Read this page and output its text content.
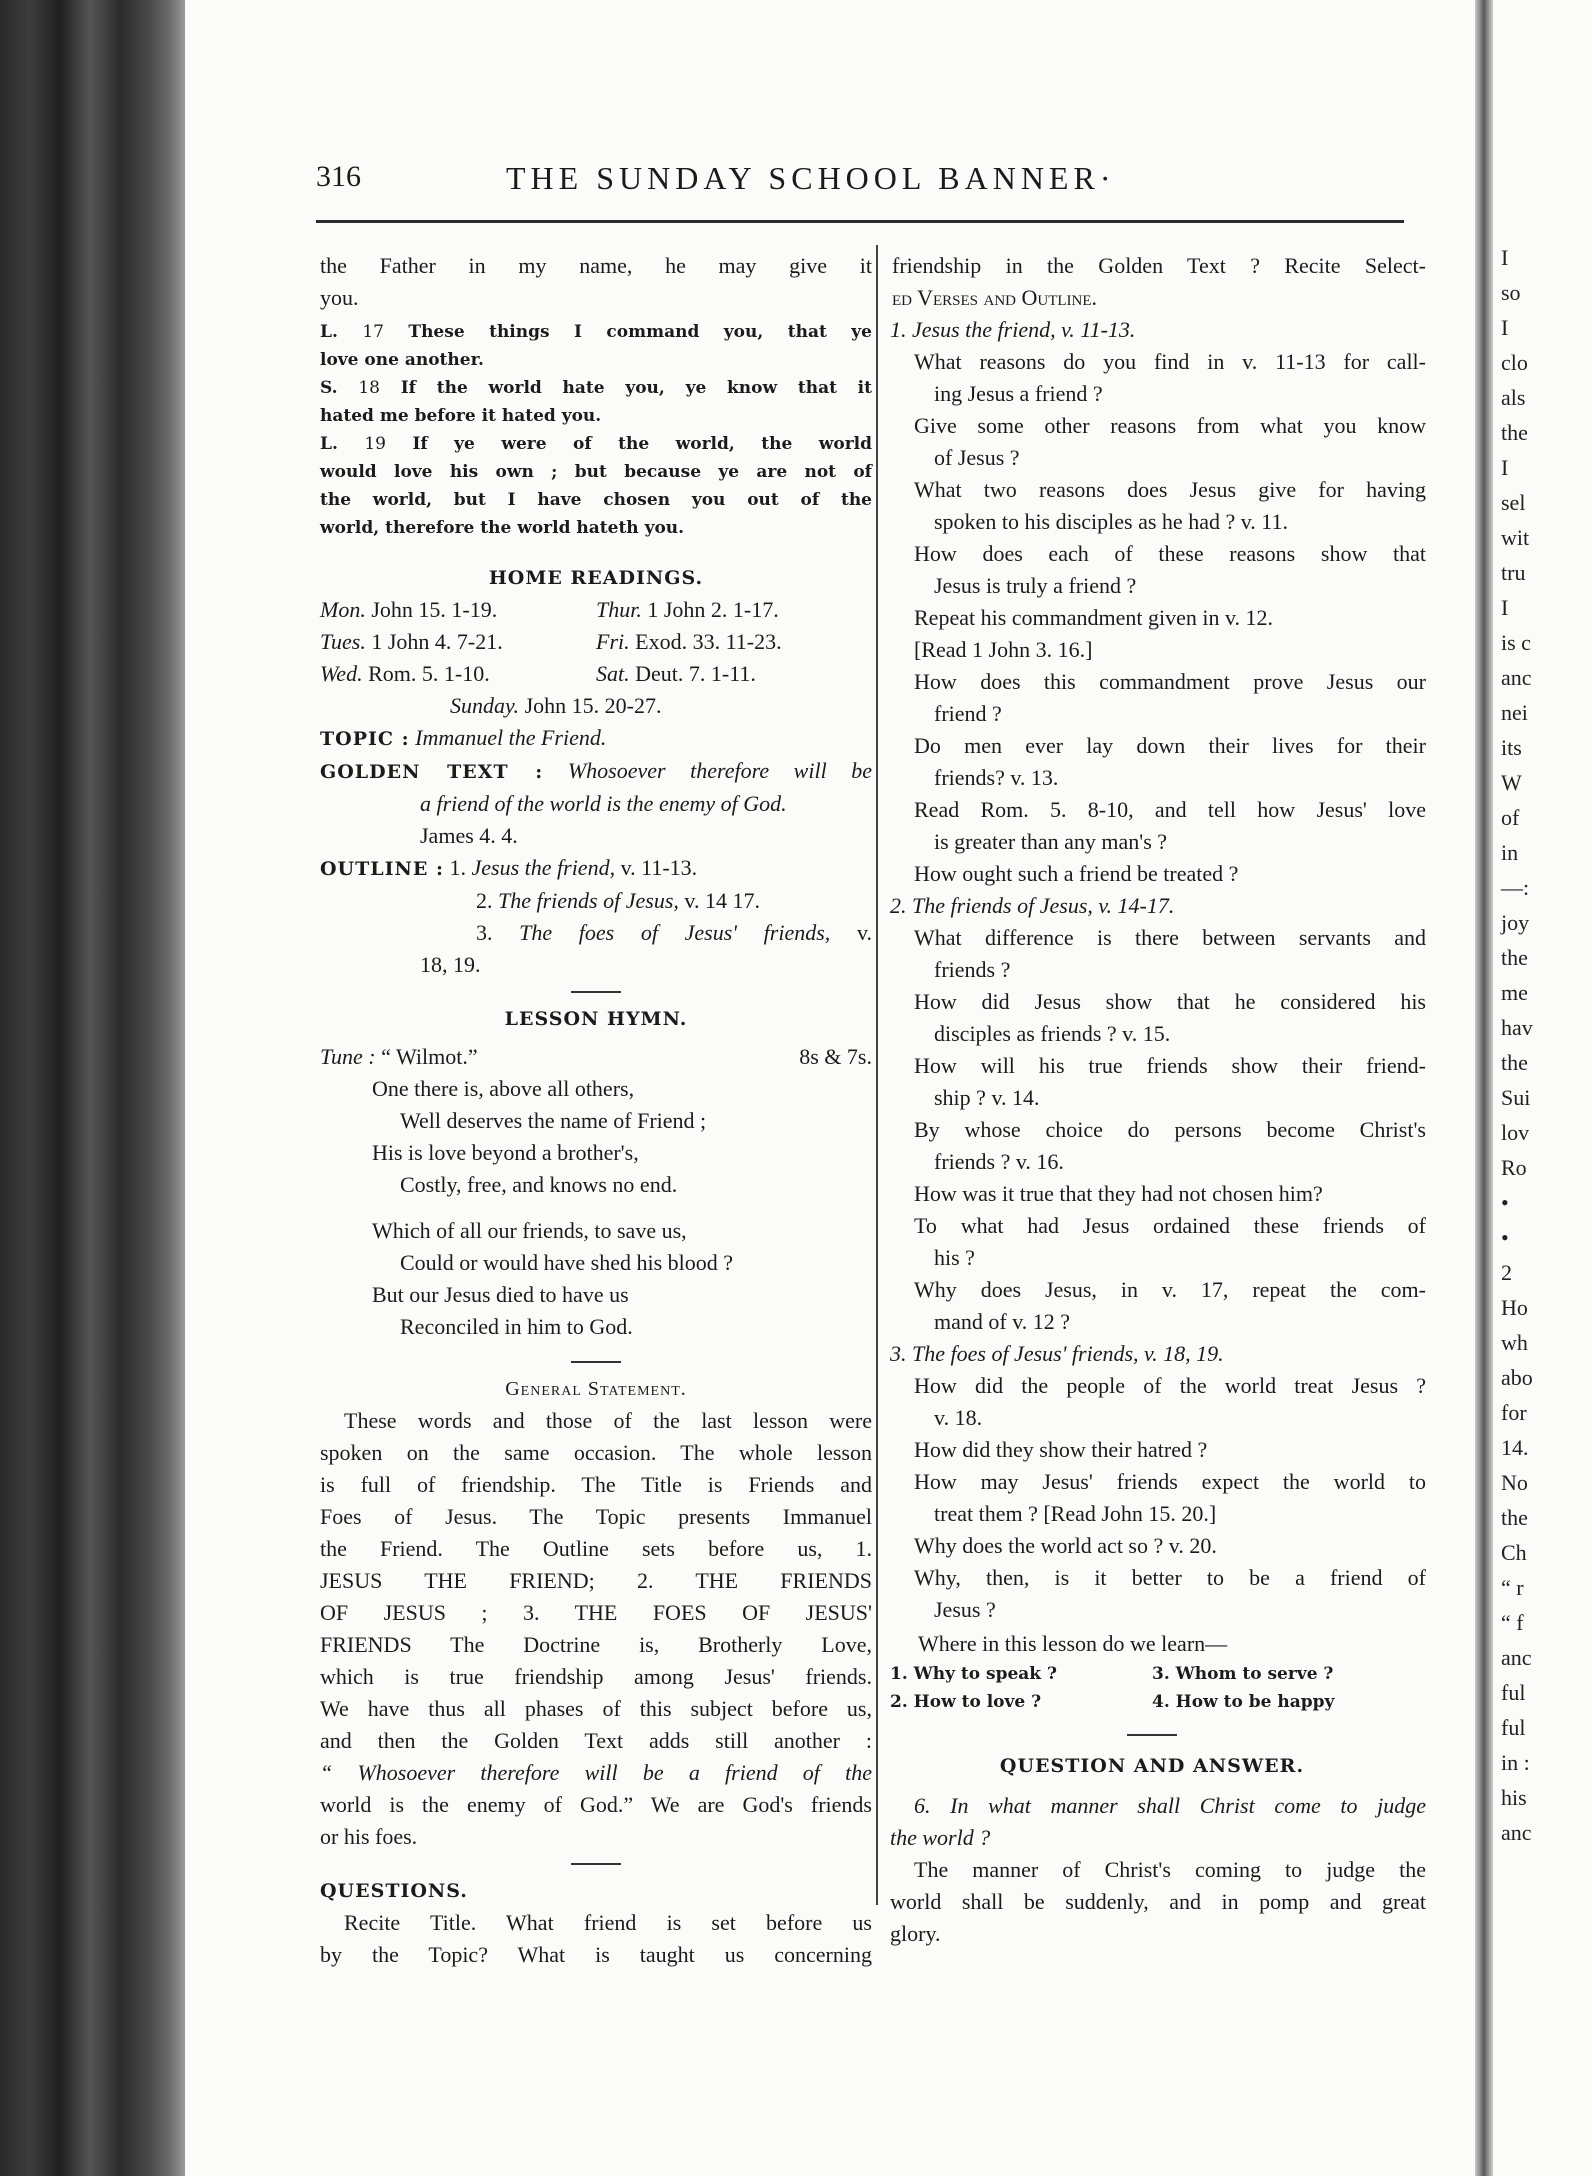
I
so
I
clo
als
the
I
sel
wit
tru
I
is c
anc
nei
its
W
of
in
—:
joy
the
me
hav
the
Sui
lov
Ro
•
•
2
Ho
wh
abo
for
14.
No
the
Ch
“ r
“ f
anc
ful
ful
in :
his
anc
316	THE SUNDAY SCHOOL BANNER·

the Father in my name, he may give it

you.

L. 17 These things I command you, that ye

love one another.

S. 18 If the world hate you, ye know that it

hated me before it hated you.

L. 19 If ye were of the world, the world

would love his own ; but because ye are not of

the world, but I have chosen you out of the

world, therefore the world hateth you.

HOME READINGS.

Mon. John 15. 1-19.	Thur. 1 John 2. 1-17.
Tues. 1 John 4. 7-21.	Fri. Exod. 33. 11-23.
Wed. Rom. 5. 1-10.	Sat. Deut. 7. 1-11.

Sunday. John 15. 20-27.

TOPIC : Immanuel the Friend.

GOLDEN TEXT : Whosoever therefore will be

a friend of the world is the enemy of God.

James 4. 4.

OUTLINE : 1. Jesus the friend, v. 11-13.

2. The friends of Jesus, v. 14 17.

3. The foes of Jesus' friends, v.

18, 19.

LESSON HYMN.

Tune : “ Wilmot.”	8s & 7s.

One there is, above all others,

Well deserves the name of Friend ;

His is love beyond a brother's,

Costly, free, and knows no end.

Which of all our friends, to save us,

Could or would have shed his blood ?

But our Jesus died to have us

Reconciled in him to God.

General Statement.

These words and those of the last lesson were

spoken on the same occasion. The whole lesson

is full of friendship. The Title is Friends and

Foes of Jesus. The Topic presents Immanuel

the Friend. The Outline sets before us, 1.

JESUS THE FRIEND; 2. THE FRIENDS

OF JESUS ; 3. THE FOES OF JESUS'

FRIENDS The Doctrine is, Brotherly Love,

which is true friendship among Jesus' friends.

We have thus all phases of this subject before us,

and then the Golden Text adds still another :

“ Whosoever therefore will be a friend of the

world is the enemy of God.” We are God's friends

or his foes.

QUESTIONS.

Recite Title. What friend is set before us

by the Topic? What is taught us concerning

friendship in the Golden Text ? Recite Select-

ed Verses and Outline.

1. Jesus the friend, v. 11-13.

What reasons do you find in v. 11-13 for call-

ing Jesus a friend ?

Give some other reasons from what you know

of Jesus ?

What two reasons does Jesus give for having

spoken to his disciples as he had ? v. 11.

How does each of these reasons show that

Jesus is truly a friend ?

Repeat his commandment given in v. 12.

[Read 1 John 3. 16.]

How does this commandment prove Jesus our

friend ?

Do men ever lay down their lives for their

friends? v. 13.

Read Rom. 5. 8-10, and tell how Jesus' love

is greater than any man's ?

How ought such a friend be treated ?

2. The friends of Jesus, v. 14-17.

What difference is there between servants and

friends ?

How did Jesus show that he considered his

disciples as friends ? v. 15.

How will his true friends show their friend-

ship ? v. 14.

By whose choice do persons become Christ's

friends ? v. 16.

How was it true that they had not chosen him?

To what had Jesus ordained these friends of

his ?

Why does Jesus, in v. 17, repeat the com-

mand of v. 12 ?

3. The foes of Jesus' friends, v. 18, 19.

How did the people of the world treat Jesus ?

v. 18.

How did they show their hatred ?

How may Jesus' friends expect the world to

treat them ? [Read John 15. 20.]

Why does the world act so ? v. 20.

Why, then, is it better to be a friend of

Jesus ?

Where in this lesson do we learn—

1. Why to speak ?	3. Whom to serve ?
2. How to love ?	4. How to be happy

QUESTION AND ANSWER.

6. In what manner shall Christ come to judge

the world ?

The manner of Christ's coming to judge the

world shall be suddenly, and in pomp and great

glory.
